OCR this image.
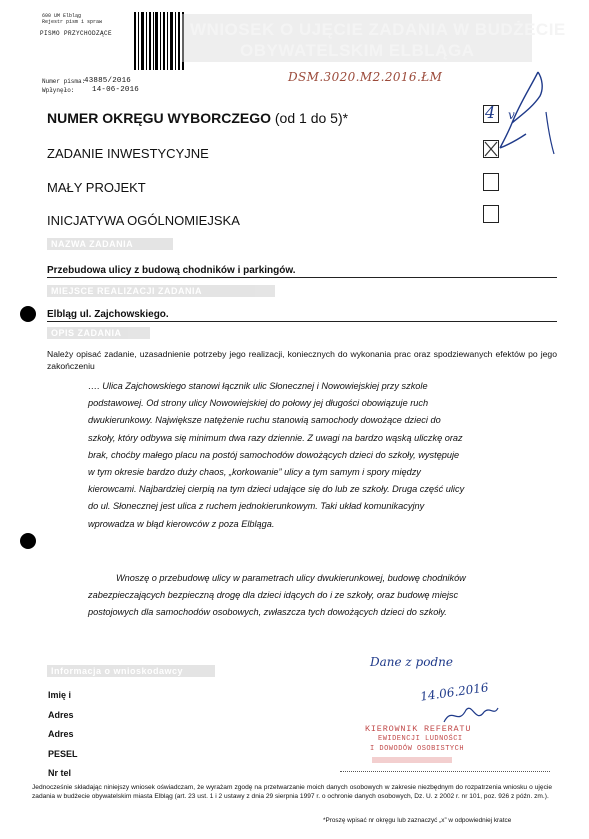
600 UM Elbląg
Rejestr pism i spraw
PISMO PRZYCHODZĄCE
Numer pisma:
43885/2016
Wpłynęło: 14-06-2016
WNIOSEK O UJĘCIE ZADANIA W BUDŻECIE
OBYWATELSKIM ELBLĄGA
DSM.3020.M2.2016.ŁM
v
NUMER OKRĘGU WYBORCZEGO (od 1 do 5)*	4
ZADANIE INWESTYCYJNE
MAŁY PROJEKT
INICJATYWA OGÓLNOMIEJSKA
NAZWA ZADANIA
Przebudowa ulicy z budową chodników i parkingów.
MIEJSCE REALIZACJI ZADANIA
Elbląg ul. Zajchowskiego.
OPIS ZADANIA
Należy opisać zadanie, uzasadnienie potrzeby jego realizacji, koniecznych do wykonania prac oraz spodziewanych efektów po jego zakończeniu
…. Ulica Zajchowskiego stanowi łącznik ulic Słonecznej i Nowowiejskiej przy szkole
podstawowej. Od strony ulicy Nowowiejskiej do połowy jej długości obowiązuje ruch
dwukierunkowy. Największe natężenie ruchu stanowią samochody dowożące dzieci do
szkoły, który odbywa się minimum dwa razy dziennie. Z uwagi na bardzo wąską uliczkę oraz
brak, choćby małego placu na postój samochodów dowożących dzieci do szkoły, występuje
w tym okresie bardzo duży chaos, „korkowanie” ulicy a tym samym i spory między
kierowcami. Najbardziej cierpią na tym dzieci udające się do lub ze szkoły. Druga część ulicy
do ul. Słonecznej jest ulica z ruchem jednokierunkowym. Taki układ komunikacyjny
wprowadza w błąd kierowców z poza Elbląga.
Wnoszę o przebudowę ulicy w parametrach ulicy dwukierunkowej, budowę chodników
zabezpieczających bezpieczną drogę dla dzieci idących do i ze szkoły, oraz budowę miejsc
postojowych dla samochodów osobowych, zwłaszcza tych dowożących dzieci do szkoły.
Informacja o wnioskodawcy
Imię i
Adres
Adres
PESEL
Nr tel
Dane z podne
14.06.2016
KIEROWNIK REFERATU
EWIDENCJI LUDNOŚCI
I DOWODÓW OSOBISTYCH
Jednocześnie składając niniejszy wniosek oświadczam, że wyrażam zgodę na przetwarzanie moich danych osobowych w zakresie niezbędnym do rozpatrzenia wniosku o ujęcie zadania w budżecie obywatelskim miasta Elbląg (art. 23 ust. 1 i 2 ustawy z dnia 29 sierpnia 1997 r. o ochronie danych osobowych, Dz. U. z 2002 r. nr 101, poz. 926 z późn. zm.).
*Proszę wpisać nr okręgu lub zaznaczyć „x” w odpowiedniej kratce
